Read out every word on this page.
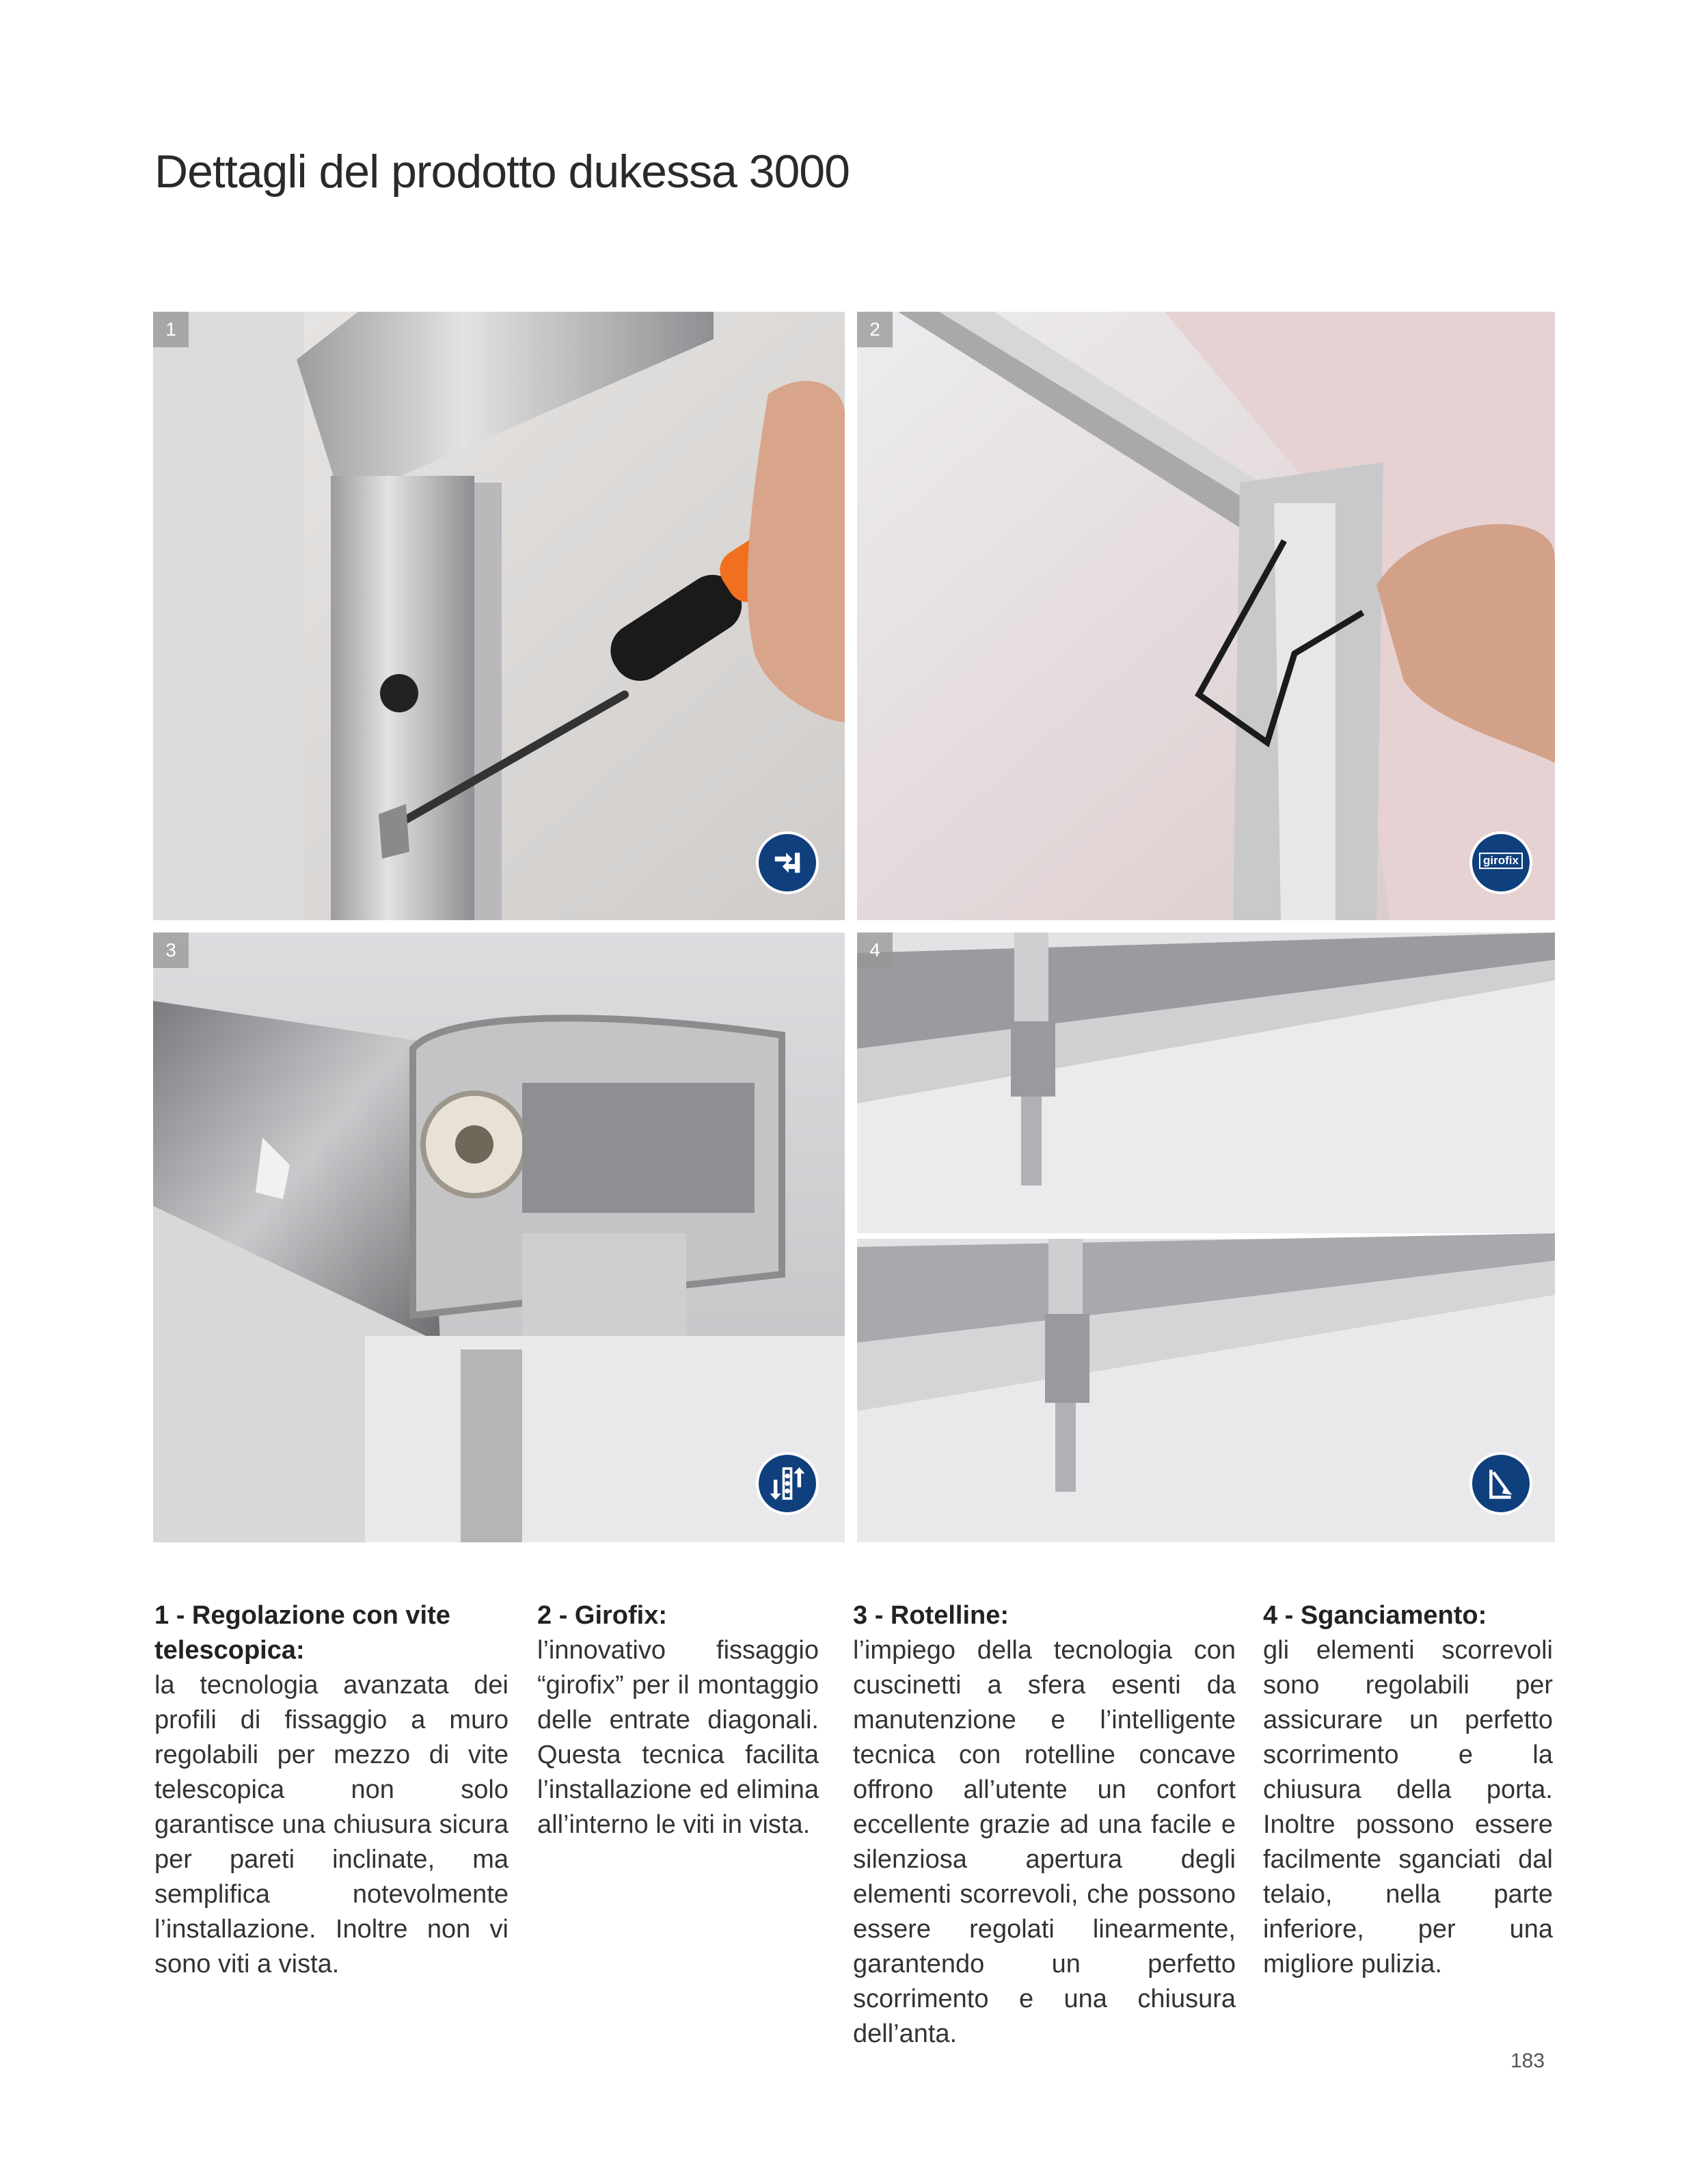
Dettagli del prodotto dukessa 3000
1	2
girofix
3	4
1 - Regolazione con vite telescopica:

la tecnologia avanzata dei profili di fissaggio a muro regolabili per mezzo di vite telescopica non solo garantisce una chiusura sicura per pareti inclinate, ma semplifica notevolmente l’installazione. Inoltre non vi sono viti a vista.

2 - Girofix:

l’innovativo fissaggio “girofix” per il montaggio delle entrate diagonali. Questa tecnica facilita l’installazione ed elimina all’interno le viti in vista.

3 - Rotelline:

l’impiego della tecnologia con cuscinetti a sfera esenti da manutenzione e l’intelligente tecnica con rotelline concave offrono all’utente un confort eccellente grazie ad una facile e silenziosa apertura degli elementi scorrevoli, che possono essere regolati linearmente, garantendo un perfetto scorrimento e una chiusura dell’anta.

4 - Sganciamento:

gli elementi scorrevoli sono regolabili per assicurare un perfetto scorrimento e la chiusura della porta. Inoltre possono essere facilmente sganciati dal telaio, nella parte inferiore, per una migliore pulizia.

183
